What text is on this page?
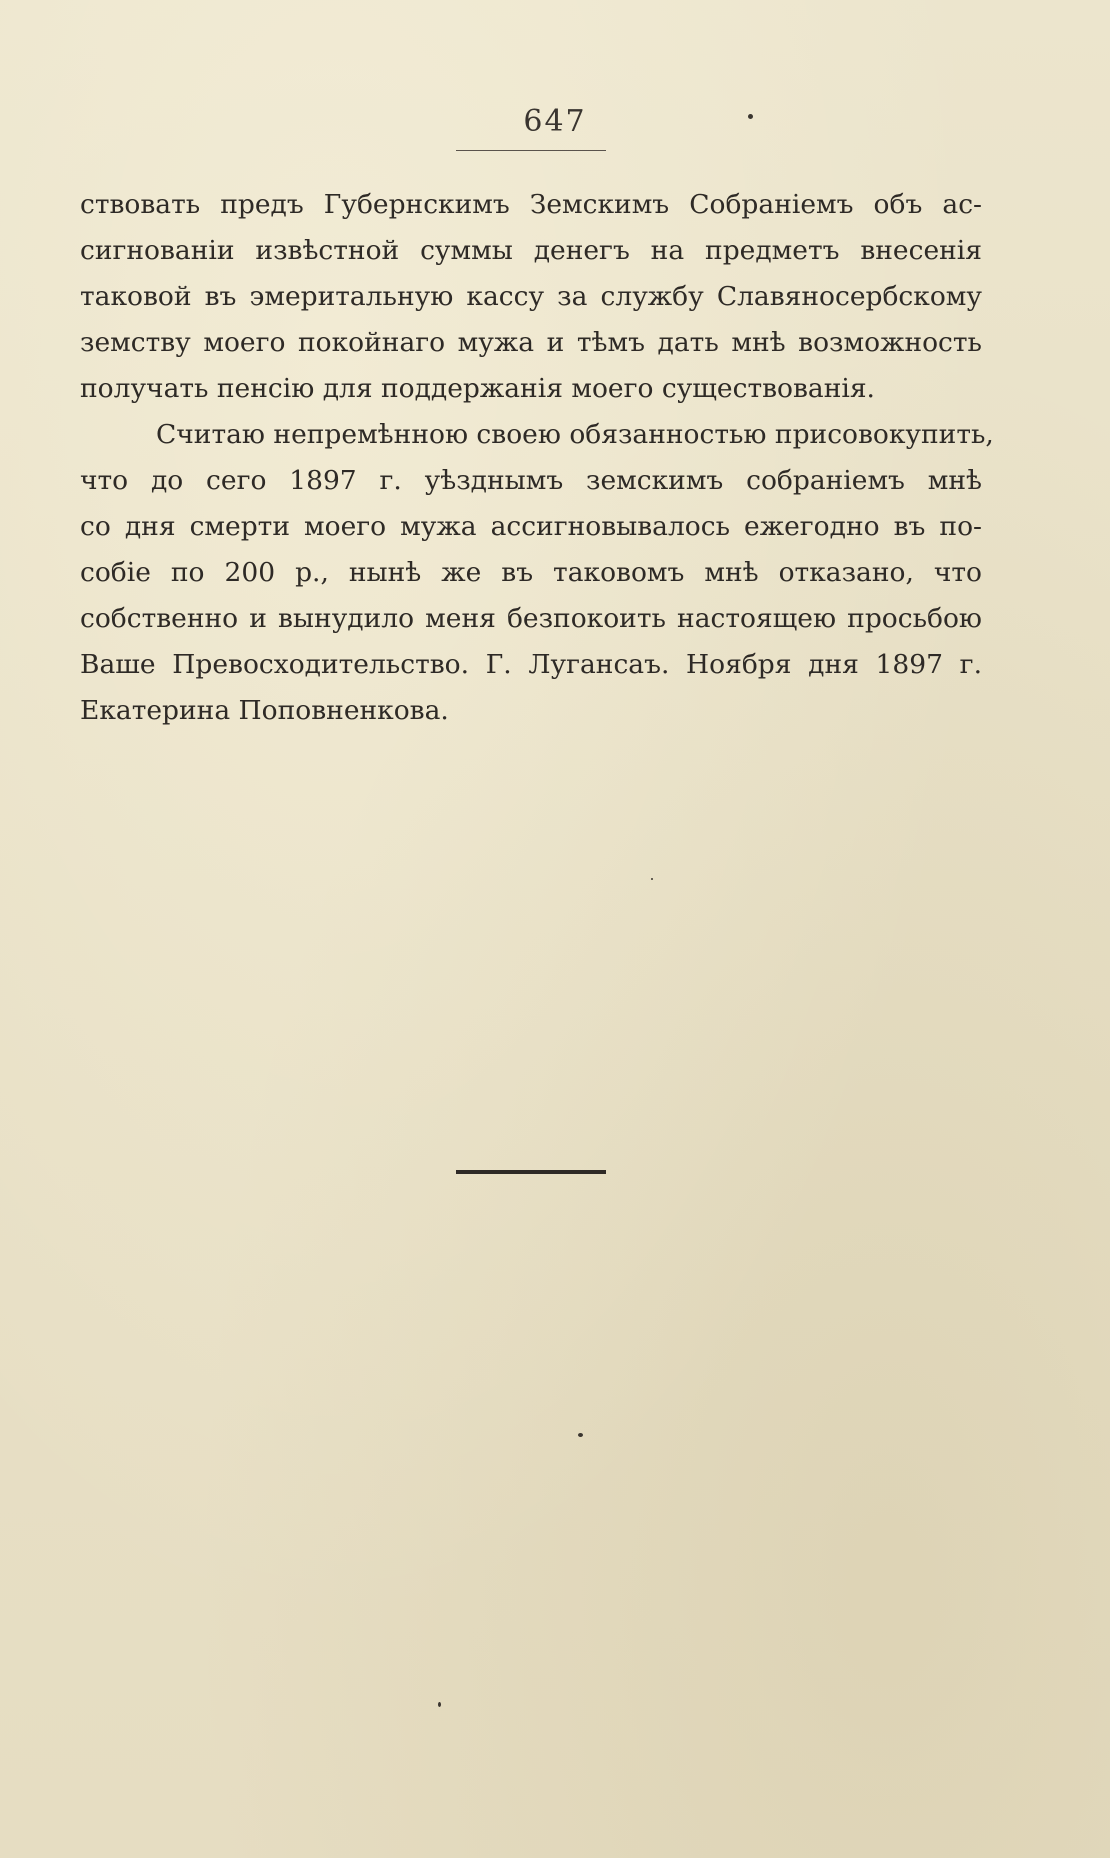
647
ствовать предъ Губернскимъ Земскимъ Собраніемъ объ ас-
сигнованіи извѣстной суммы денегъ на предметъ внесенія
таковой въ эмеритальную кассу за службу Славяносербскому
земству моего покойнаго мужа и тѣмъ дать мнѣ возможность
получать пенсію для поддержанія моего существованія.
Считаю непремѣнною своею обязанностью присовокупить,
что до сего 1897 г. уѣзднымъ земскимъ собраніемъ мнѣ
со дня смерти моего мужа ассигновывалось ежегодно въ по-
собіе по 200 р., нынѣ же въ таковомъ мнѣ отказано, что
собственно и вынудило меня безпокоить настоящею просьбою
Ваше Превосходительство. Г. Лугансаъ. Ноября дня 1897 г.
Екатерина Поповненкова.
